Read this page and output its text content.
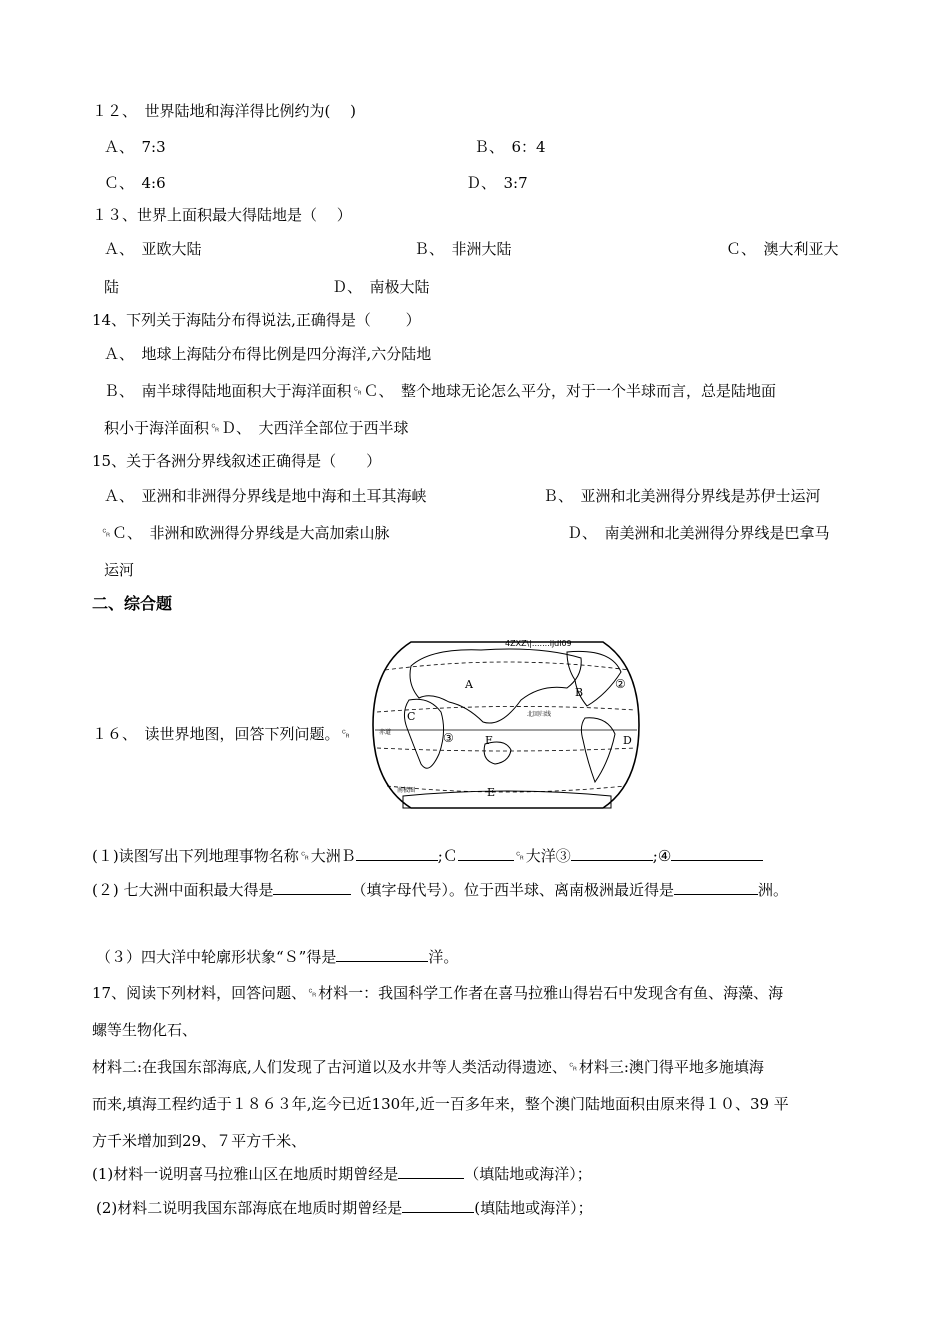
１２、　世界陆地和海洋得比例约为(　 )
Ａ、　7:3	Ｂ、　6：4
Ｃ、　4:6	Ｄ、　3:7
１３、世界上面积最大得陆地是（　 ）
Ａ、　亚欧大陆	Ｂ、　非洲大陆	Ｃ、　澳大利亚大
陆	Ｄ、　南极大陆
14、下列关于海陆分布得说法,正确得是（　　 ）
Ａ、　地球上海陆分布得比例是四分海洋,六分陆地
Ｂ、　南半球得陆地面积大于海洋面积␍Ｃ、　整个地球无论怎么平分，对于一个半球而言，总是陆地面
积小于海洋面积␍Ｄ、　大西洋全部位于西半球
15、关于各洲分界线叙述正确得是（　　）
Ａ、　亚洲和非洲得分界线是地中海和土耳其海峡	Ｂ、　亚洲和北美洲得分界线是苏伊士运河
␍Ｃ、　非洲和欧洲得分界线是大高加索山脉	Ｄ、　南美洲和北美洲得分界线是巴拿马
运河
二、综合题
１６、　读世界地图，回答下列问题。␍
4ZXZ\|.......ijdl09
A
B
C
D
E
F
②
③
北回归线
赤道
南极圈
(１)读图写出下列地理事物名称␍大洲Ｂ	;Ｃ	␍大洋③	;④
(２) 七大洲中面积最大得是	（填字母代号）。位于西半球、离南极洲最近得是	洲。
（３）四大洋中轮廓形状象“Ｓ”得是	洋。
17、阅读下列材料，回答问题、␍材料一：我国科学工作者在喜马拉雅山得岩石中发现含有鱼、海藻、海
螺等生物化石、
材料二:在我国东部海底,人们发现了古河道以及水井等人类活动得遗迹、␍材料三:澳门得平地多施填海
而来,填海工程约适于１８６３年,迄今已近130年,近一百多年来，整个澳门陆地面积由原来得１０、39 平
方千米增加到29、７平方千米、
(1)材料一说明喜马拉雅山区在地质时期曾经是	（填陆地或海洋）；
(2)材料二说明我国东部海底在地质时期曾经是	(填陆地或海洋）；
